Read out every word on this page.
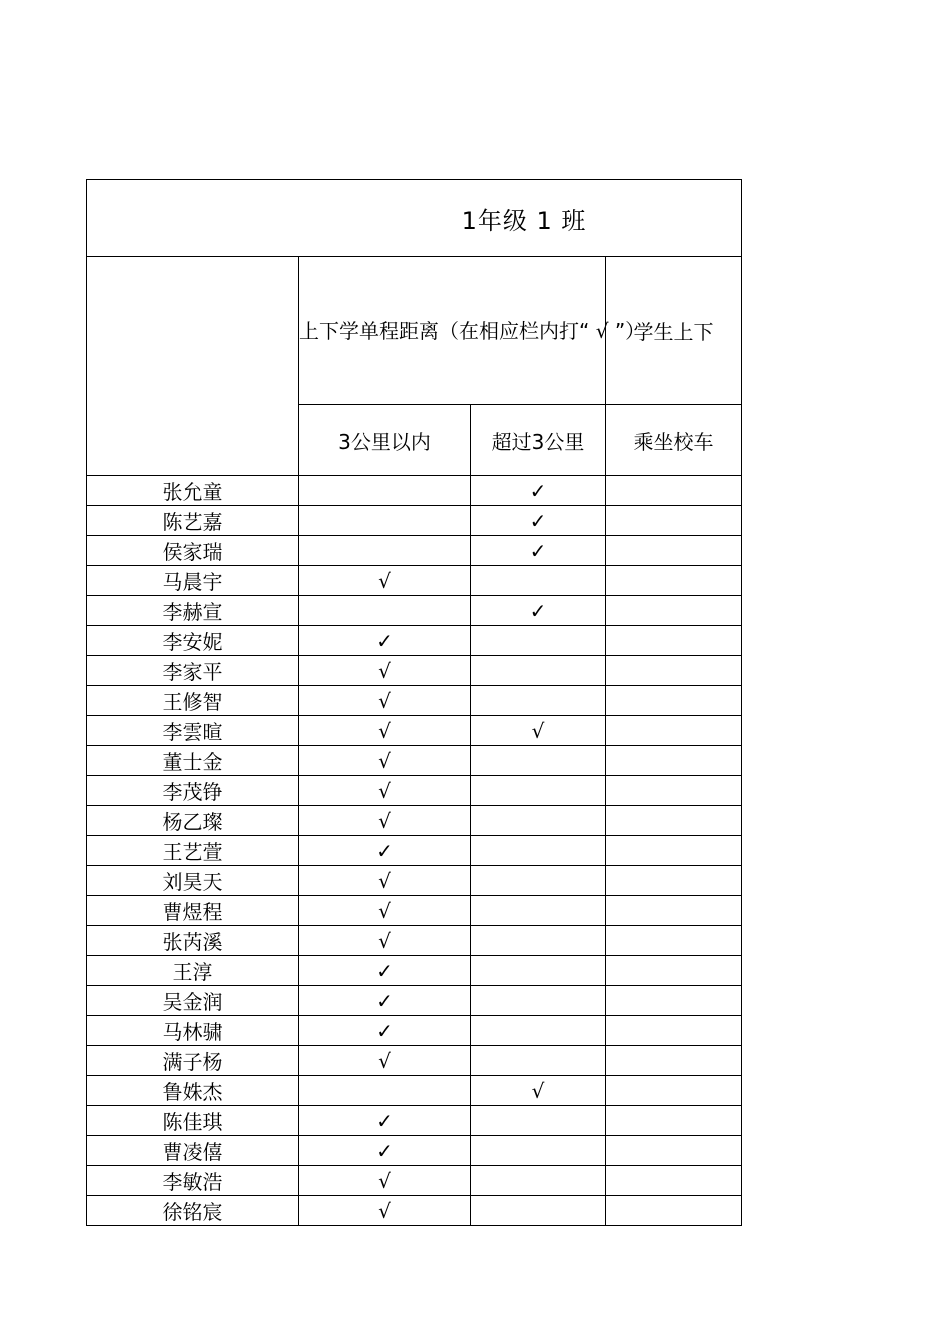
1年级 1 班			
	上下学单程距离（在相应栏内打“ √ ”）		学生上下
	3公里以内	超过3公里	乘坐校车
张允童		✓	
陈艺嘉		✓	
侯家瑞		✓	
马晨宇	√		
李赫宣		✓	
李安妮	✓		
李家平	√		
王修智	√		
李雲暄	√	√	
董士金	√		
李茂铮	√		
杨乙璨	√		
王艺萱	✓		
刘昊天	√		
曹煜程	√		
张芮溪	√		
王淳	✓		
吴金润	✓		
马林骕	✓		
满子杨	√		
鲁姝杰		√	
陈佳琪	✓		
曹凌僖	✓		
李敏浩	√		
徐铭宸	√		
